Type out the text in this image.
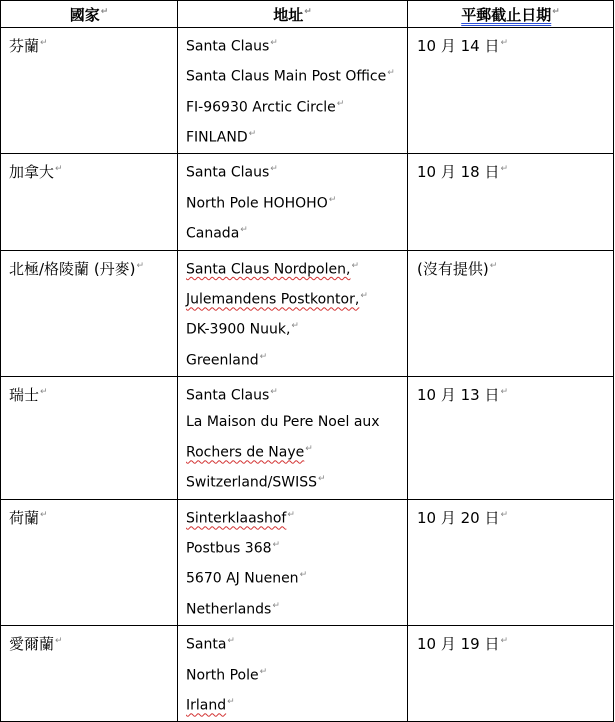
國家↵	地址↵	平郵截止日期↵
芬蘭↵	Santa Claus↵
Santa Claus Main Post Office↵
FI-96930 Arctic Circle↵
FINLAND↵	10 月 14 日↵
加拿大↵	Santa Claus↵
North Pole HOHOHO↵
Canada↵	10 月 18 日↵
北極/格陵蘭 (丹麥)↵	Santa Claus Nordpolen,↵
Julemandens Postkontor,↵
DK-3900 Nuuk,↵
Greenland↵	(沒有提供)↵
瑞士↵	Santa Claus↵
La Maison du Pere Noel aux
Rochers de Naye↵
Switzerland/SWISS↵	10 月 13 日↵
荷蘭↵	Sinterklaashof↵
Postbus 368↵
5670 AJ Nuenen↵
Netherlands↵	10 月 20 日↵
愛爾蘭↵	Santa↵
North Pole↵
Irland↵	10 月 19 日↵
